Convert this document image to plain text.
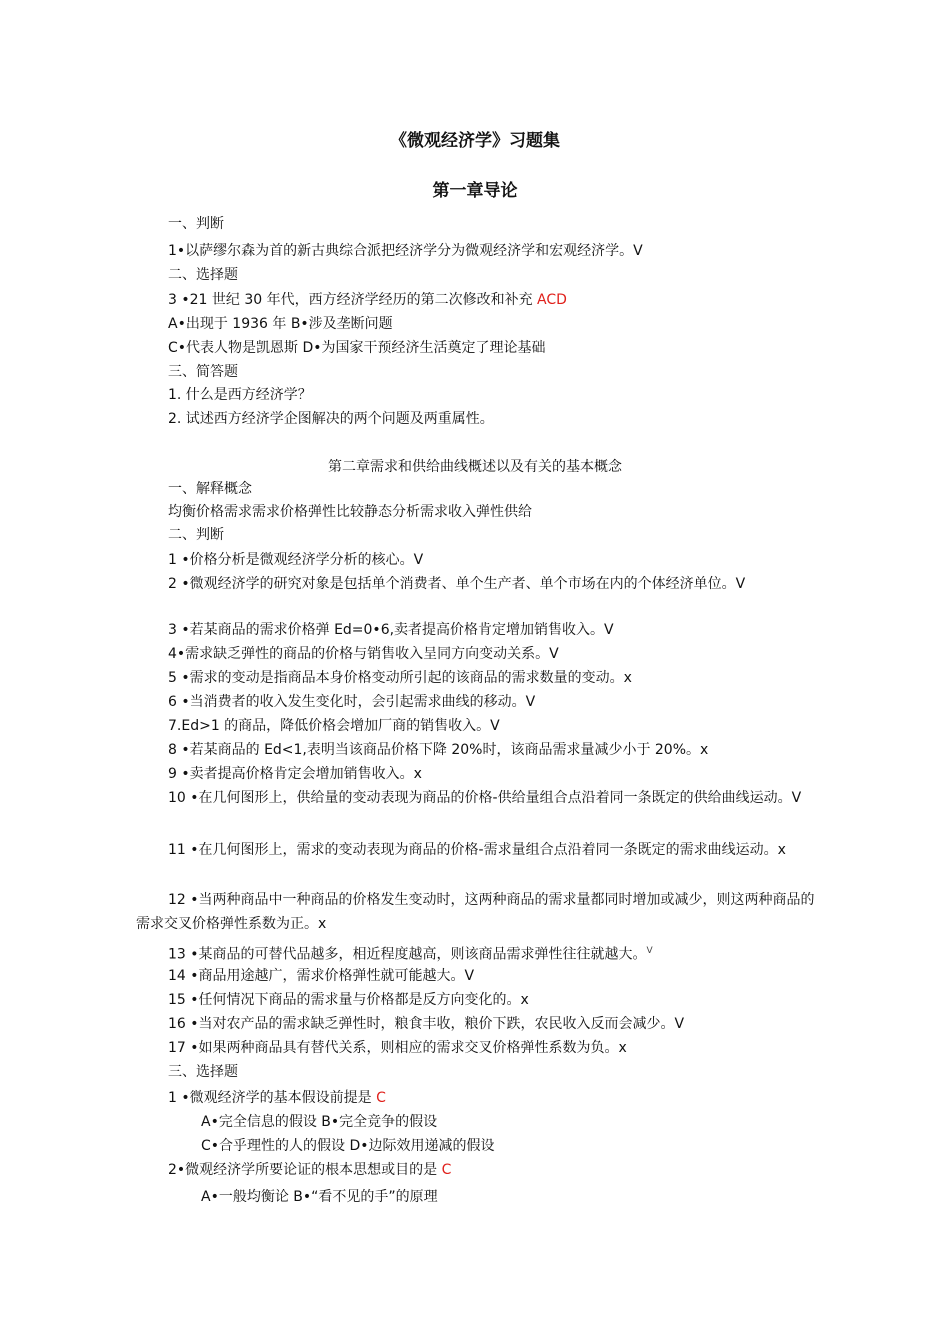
《微观经济学》习题集
第一章导论
一、判断
1•以萨缪尔森为首的新古典综合派把经济学分为微观经济学和宏观经济学。V
二、选择题
3 •21 世纪 30 年代，西方经济学经历的第二次修改和补充 ACD
A•出现于 1936 年 B•涉及垄断问题
C•代表人物是凯恩斯 D•为国家干预经济生活奠定了理论基础
三、简答题
1. 什么是西方经济学？
2. 试述西方经济学企图解决的两个问题及两重属性。
第二章需求和供给曲线概述以及有关的基本概念
一、解释概念
均衡价格需求需求价格弹性比较静态分析需求收入弹性供给
二、判断
1 •价格分析是微观经济学分析的核心。V
2 •微观经济学的研究对象是包括单个消费者、单个生产者、单个市场在内的个体经济单位。V
3 •若某商品的需求价格弹 Ed=0•6,卖者提高价格肯定增加销售收入。V
4•需求缺乏弹性的商品的价格与销售收入呈同方向变动关系。V
5 •需求的变动是指商品本身价格变动所引起的该商品的需求数量的变动。x
6 •当消费者的收入发生变化时，会引起需求曲线的移动。V
7.Ed>1 的商品，降低价格会增加厂商的销售收入。V
8 •若某商品的 Ed<1,表明当该商品价格下降 20%时，该商品需求量减少小于 20%。x
9 •卖者提高价格肯定会增加销售收入。x
10 •在几何图形上，供给量的变动表现为商品的价格-供给量组合点沿着同一条既定的供给曲线运动。V
11 •在几何图形上，需求的变动表现为商品的价格-需求量组合点沿着同一条既定的需求曲线运动。x
12 •当两种商品中一种商品的价格发生变动时，这两种商品的需求量都同时增加或减少，则这两种商品的需求交叉价格弹性系数为正。x
13 •某商品的可替代品越多，相近程度越高，则该商品需求弹性往往就越大。$^V$
14 •商品用途越广，需求价格弹性就可能越大。V
15 •任何情况下商品的需求量与价格都是反方向变化的。x
16 •当对农产品的需求缺乏弹性时，粮食丰收，粮价下跌，农民收入反而会减少。V
17 •如果两种商品具有替代关系，则相应的需求交叉价格弹性系数为负。x
三、选择题
1 •微观经济学的基本假设前提是 C
A•完全信息的假设 B•完全竞争的假设
C•合乎理性的人的假设 D•边际效用递减的假设
2•微观经济学所要论证的根本思想或目的是 C
A•一般均衡论 B•“看不见的手”的原理
